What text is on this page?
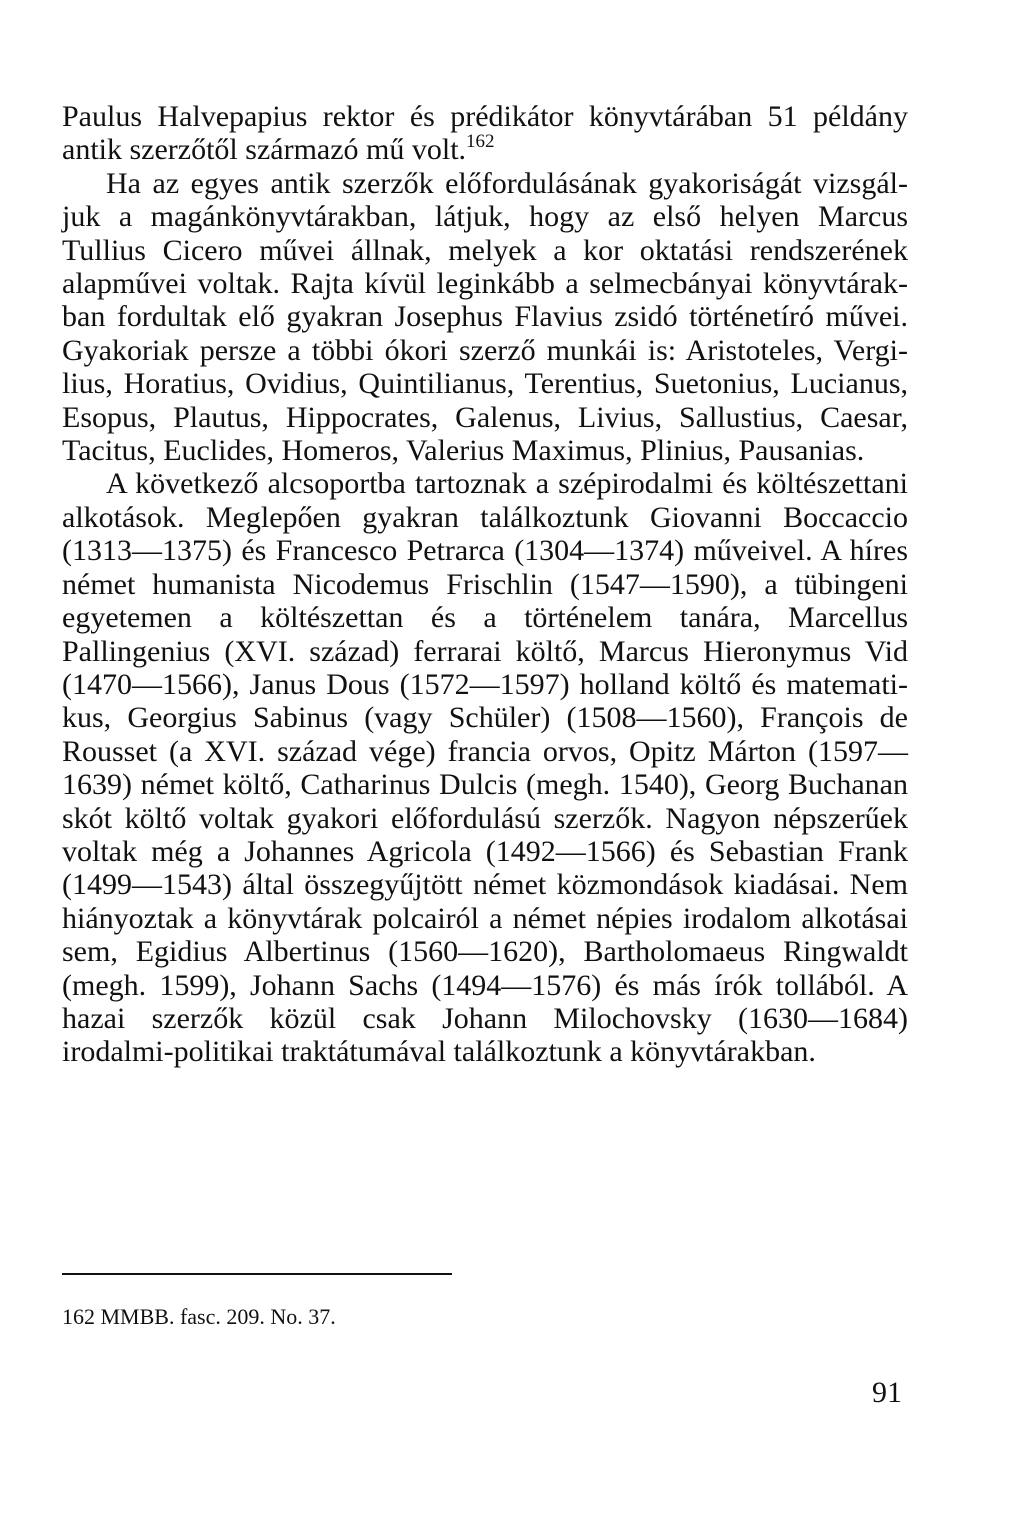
Paulus Halvepapius rektor és prédikátor könyvtárában 51 példány antik szerzőtől származó mű volt.$^{162}$

Ha az egyes antik szerzők előfordulásának gyakoriságát vizsgáljuk a magánkönyvtárakban, látjuk, hogy az első helyen Marcus Tullius Cicero művei állnak, melyek a kor oktatási rendszerének alapművei voltak. Rajta kívül leginkább a selmecbányai könyvtárakban fordultak elő gyakran Josephus Flavius zsidó történetíró művei. Gyakoriak persze a többi ókori szerző munkái is: Aristoteles, Vergilius, Horatius, Ovidius, Quintilianus, Terentius, Suetonius, Lucianus, Esopus, Plautus, Hippocrates, Galenus, Livius, Sallustius, Caesar, Tacitus, Euclides, Homeros, Valerius Maximus, Plinius, Pausanias.

A következő alcsoportba tartoznak a szépirodalmi és költészettani alkotások. Meglepően gyakran találkoztunk Giovanni Boccaccio (1313—1375) és Francesco Petrarca (1304—1374) műveivel. A híres német humanista Nicodemus Frischlin (1547—1590), a tübingeni egyetemen a költészettan és a történelem tanára, Marcellus Pallingenius (XVI. század) ferrarai költő, Marcus Hieronymus Vid (1470—1566), Janus Dous (1572—1597) holland költő és matematikus, Georgius Sabinus (vagy Schüler) (1508—1560), François de Rousset (a XVI. század vége) francia orvos, Opitz Márton (1597—1639) német költő, Catharinus Dulcis (megh. 1540), Georg Buchanan skót költő voltak gyakori előfordulású szerzők. Nagyon népszerűek voltak még a Johannes Agricola (1492—1566) és Sebastian Frank (1499—1543) által összegyűjtött német közmondások kiadásai. Nem hiányoztak a könyvtárak polcairól a német népies irodalom alkotásai sem, Egidius Albertinus (1560—1620), Bartholomaeus Ringwaldt (megh. 1599), Johann Sachs (1494—1576) és más írók tollából. A hazai szerzők közül csak Johann Milochovsky (1630—1684) irodalmi-politikai traktátumával találkoztunk a könyvtárakban.

162 MMBB. fasc. 209. No. 37.
91
